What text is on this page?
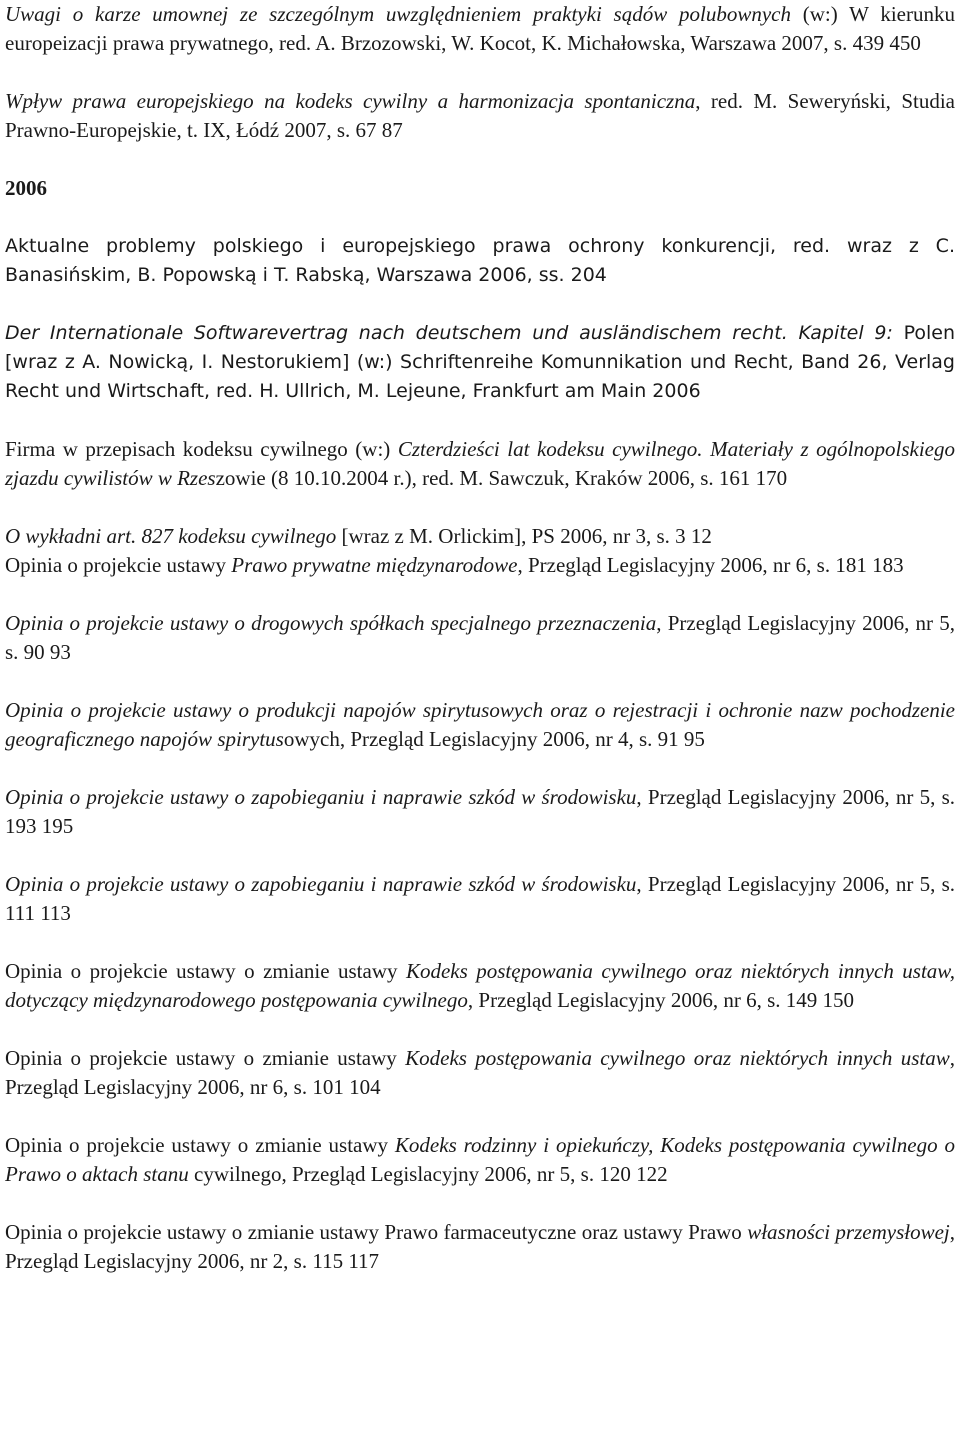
Uwagi o karze umownej ze szczególnym uwzględnieniem praktyki sądów polubownych (w:) W kierunku europeizacji prawa prywatnego, red. A. Brzozowski, W. Kocot, K. Michałowska, Warszawa 2007, s. 439 450
Wpływ prawa europejskiego na kodeks cywilny a harmonizacja spontaniczna, red. M. Seweryński, Studia Prawno-Europejskie, t. IX, Łódź 2007, s. 67 87
2006
Aktualne problemy polskiego i europejskiego prawa ochrony konkurencji, red. wraz z C. Banasińskim, B. Popowską i T. Rabską, Warszawa 2006, ss. 204
Der Internationale Softwarevertrag nach deutschem und ausländischem recht. Kapitel 9: Polen [wraz z A. Nowicką, I. Nestorukiem] (w:) Schriftenreihe Komunnikation und Recht, Band 26, Verlag Recht und Wirtschaft, red. H. Ullrich, M. Lejeune, Frankfurt am Main 2006
Firma w przepisach kodeksu cywilnego (w:) Czterdzieści lat kodeksu cywilnego. Materiały z ogólnopolskiego zjazdu cywilistów w Rzeszowie (8 10.10.2004 r.), red. M. Sawczuk, Kraków 2006, s. 161 170
O wykładni art. 827 kodeksu cywilnego [wraz z M. Orlickim], PS 2006, nr 3, s. 3 12
Opinia o projekcie ustawy Prawo prywatne międzynarodowe, Przegląd Legislacyjny 2006, nr 6, s. 181 183
Opinia o projekcie ustawy o drogowych spółkach specjalnego przeznaczenia, Przegląd Legislacyjny 2006, nr 5, s. 90 93
Opinia o projekcie ustawy o produkcji napojów spirytusowych oraz o rejestracji i ochronie nazw pochodzenie geograficznego napojów spirytusowych, Przegląd Legislacyjny 2006, nr 4, s. 91 95
Opinia o projekcie ustawy o zapobieganiu i naprawie szkód w środowisku, Przegląd Legislacyjny 2006, nr 5, s. 193 195
Opinia o projekcie ustawy o zapobieganiu i naprawie szkód w środowisku, Przegląd Legislacyjny 2006, nr 5, s. 111 113
Opinia o projekcie ustawy o zmianie ustawy Kodeks postępowania cywilnego oraz niektórych innych ustaw, dotyczący międzynarodowego postępowania cywilnego, Przegląd Legislacyjny 2006, nr 6, s. 149 150
Opinia o projekcie ustawy o zmianie ustawy Kodeks postępowania cywilnego oraz niektórych innych ustaw, Przegląd Legislacyjny 2006, nr 6, s. 101 104
Opinia o projekcie ustawy o zmianie ustawy Kodeks rodzinny i opiekuńczy, Kodeks postępowania cywilnego o Prawo o aktach stanu cywilnego, Przegląd Legislacyjny 2006, nr 5, s. 120 122
Opinia o projekcie ustawy o zmianie ustawy Prawo farmaceutyczne oraz ustawy Prawo własności przemysłowej, Przegląd Legislacyjny 2006, nr 2, s. 115 117
